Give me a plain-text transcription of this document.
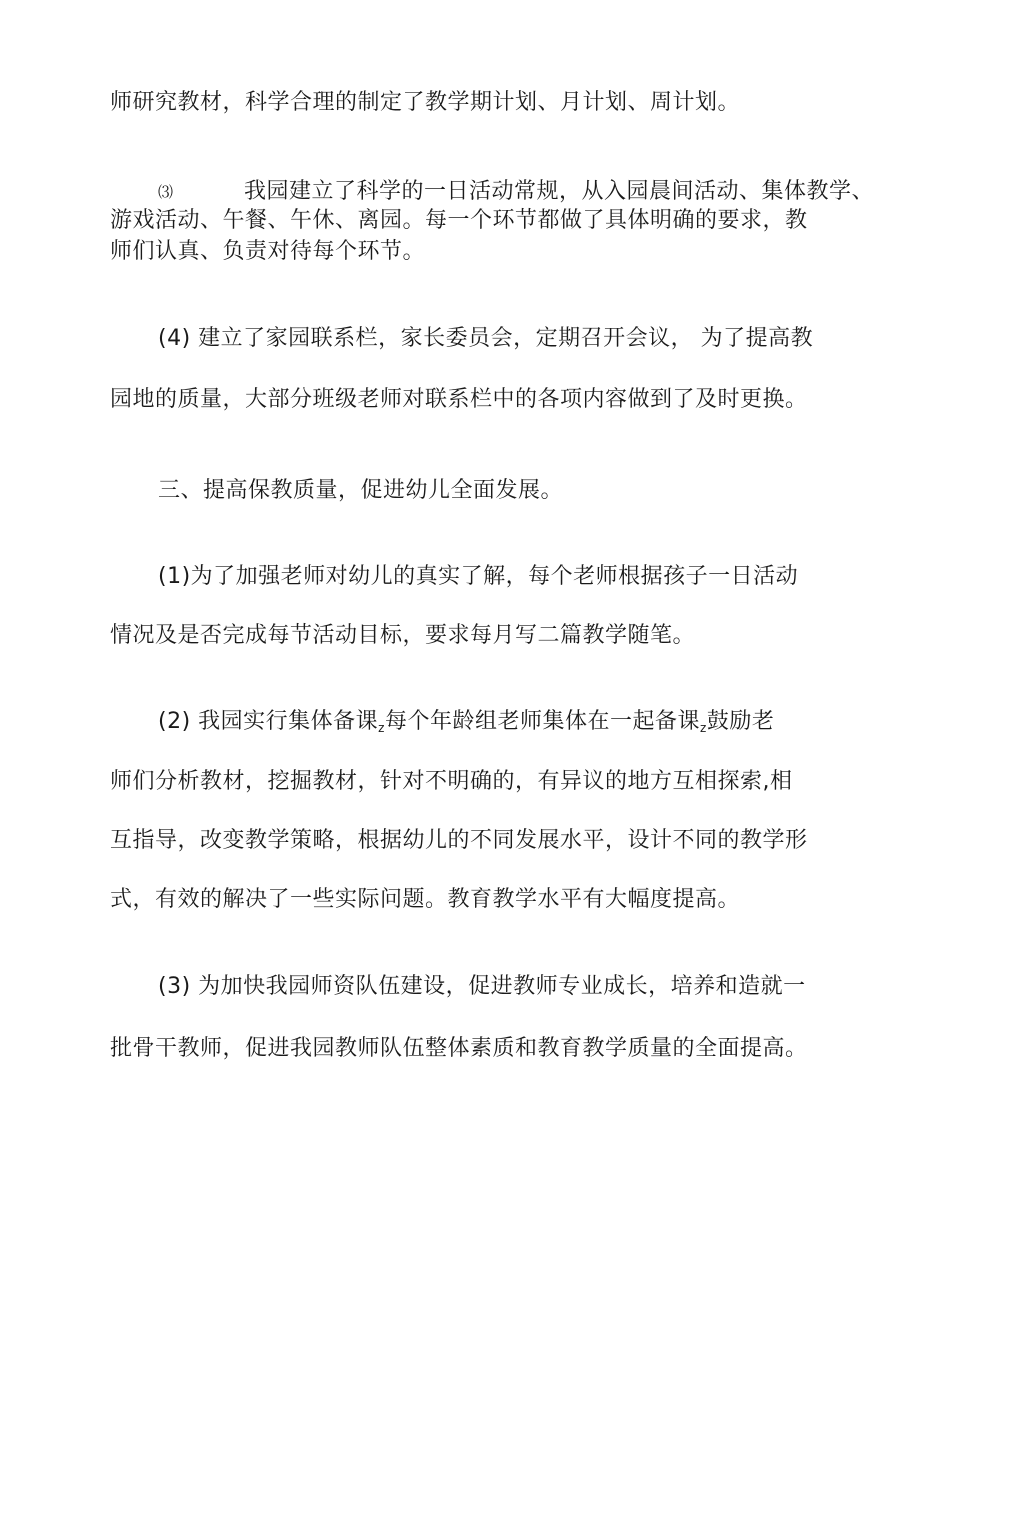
师研究教材，科学合理的制定了教学期计划、月计划、周计划。
⑶	我园建立了科学的一日活动常规，从入园晨间活动、集体教学、
游戏活动、午餐、午休、离园。每一个环节都做了具体明确的要求，教
师们认真、负责对待每个环节。
(4) 建立了家园联系栏，家长委员会，定期召开会议， 为了提高教
园地的质量，大部分班级老师对联系栏中的各项内容做到了及时更换。
三、提高保教质量，促进幼儿全面发展。
(1)为了加强老师对幼儿的真实了解，每个老师根据孩子一日活动
情况及是否完成每节活动目标，要求每月写二篇教学随笔。
(2) 我园实行集体备课$_z$每个年龄组老师集体在一起备课$_z$鼓励老
师们分析教材，挖掘教材，针对不明确的，有异议的地方互相探索,相
互指导，改变教学策略，根据幼儿的不同发展水平，设计不同的教学形
式，有效的解决了一些实际问题。教育教学水平有大幅度提高。
(3) 为加快我园师资队伍建设，促进教师专业成长，培养和造就一
批骨干教师，促进我园教师队伍整体素质和教育教学质量的全面提高。
